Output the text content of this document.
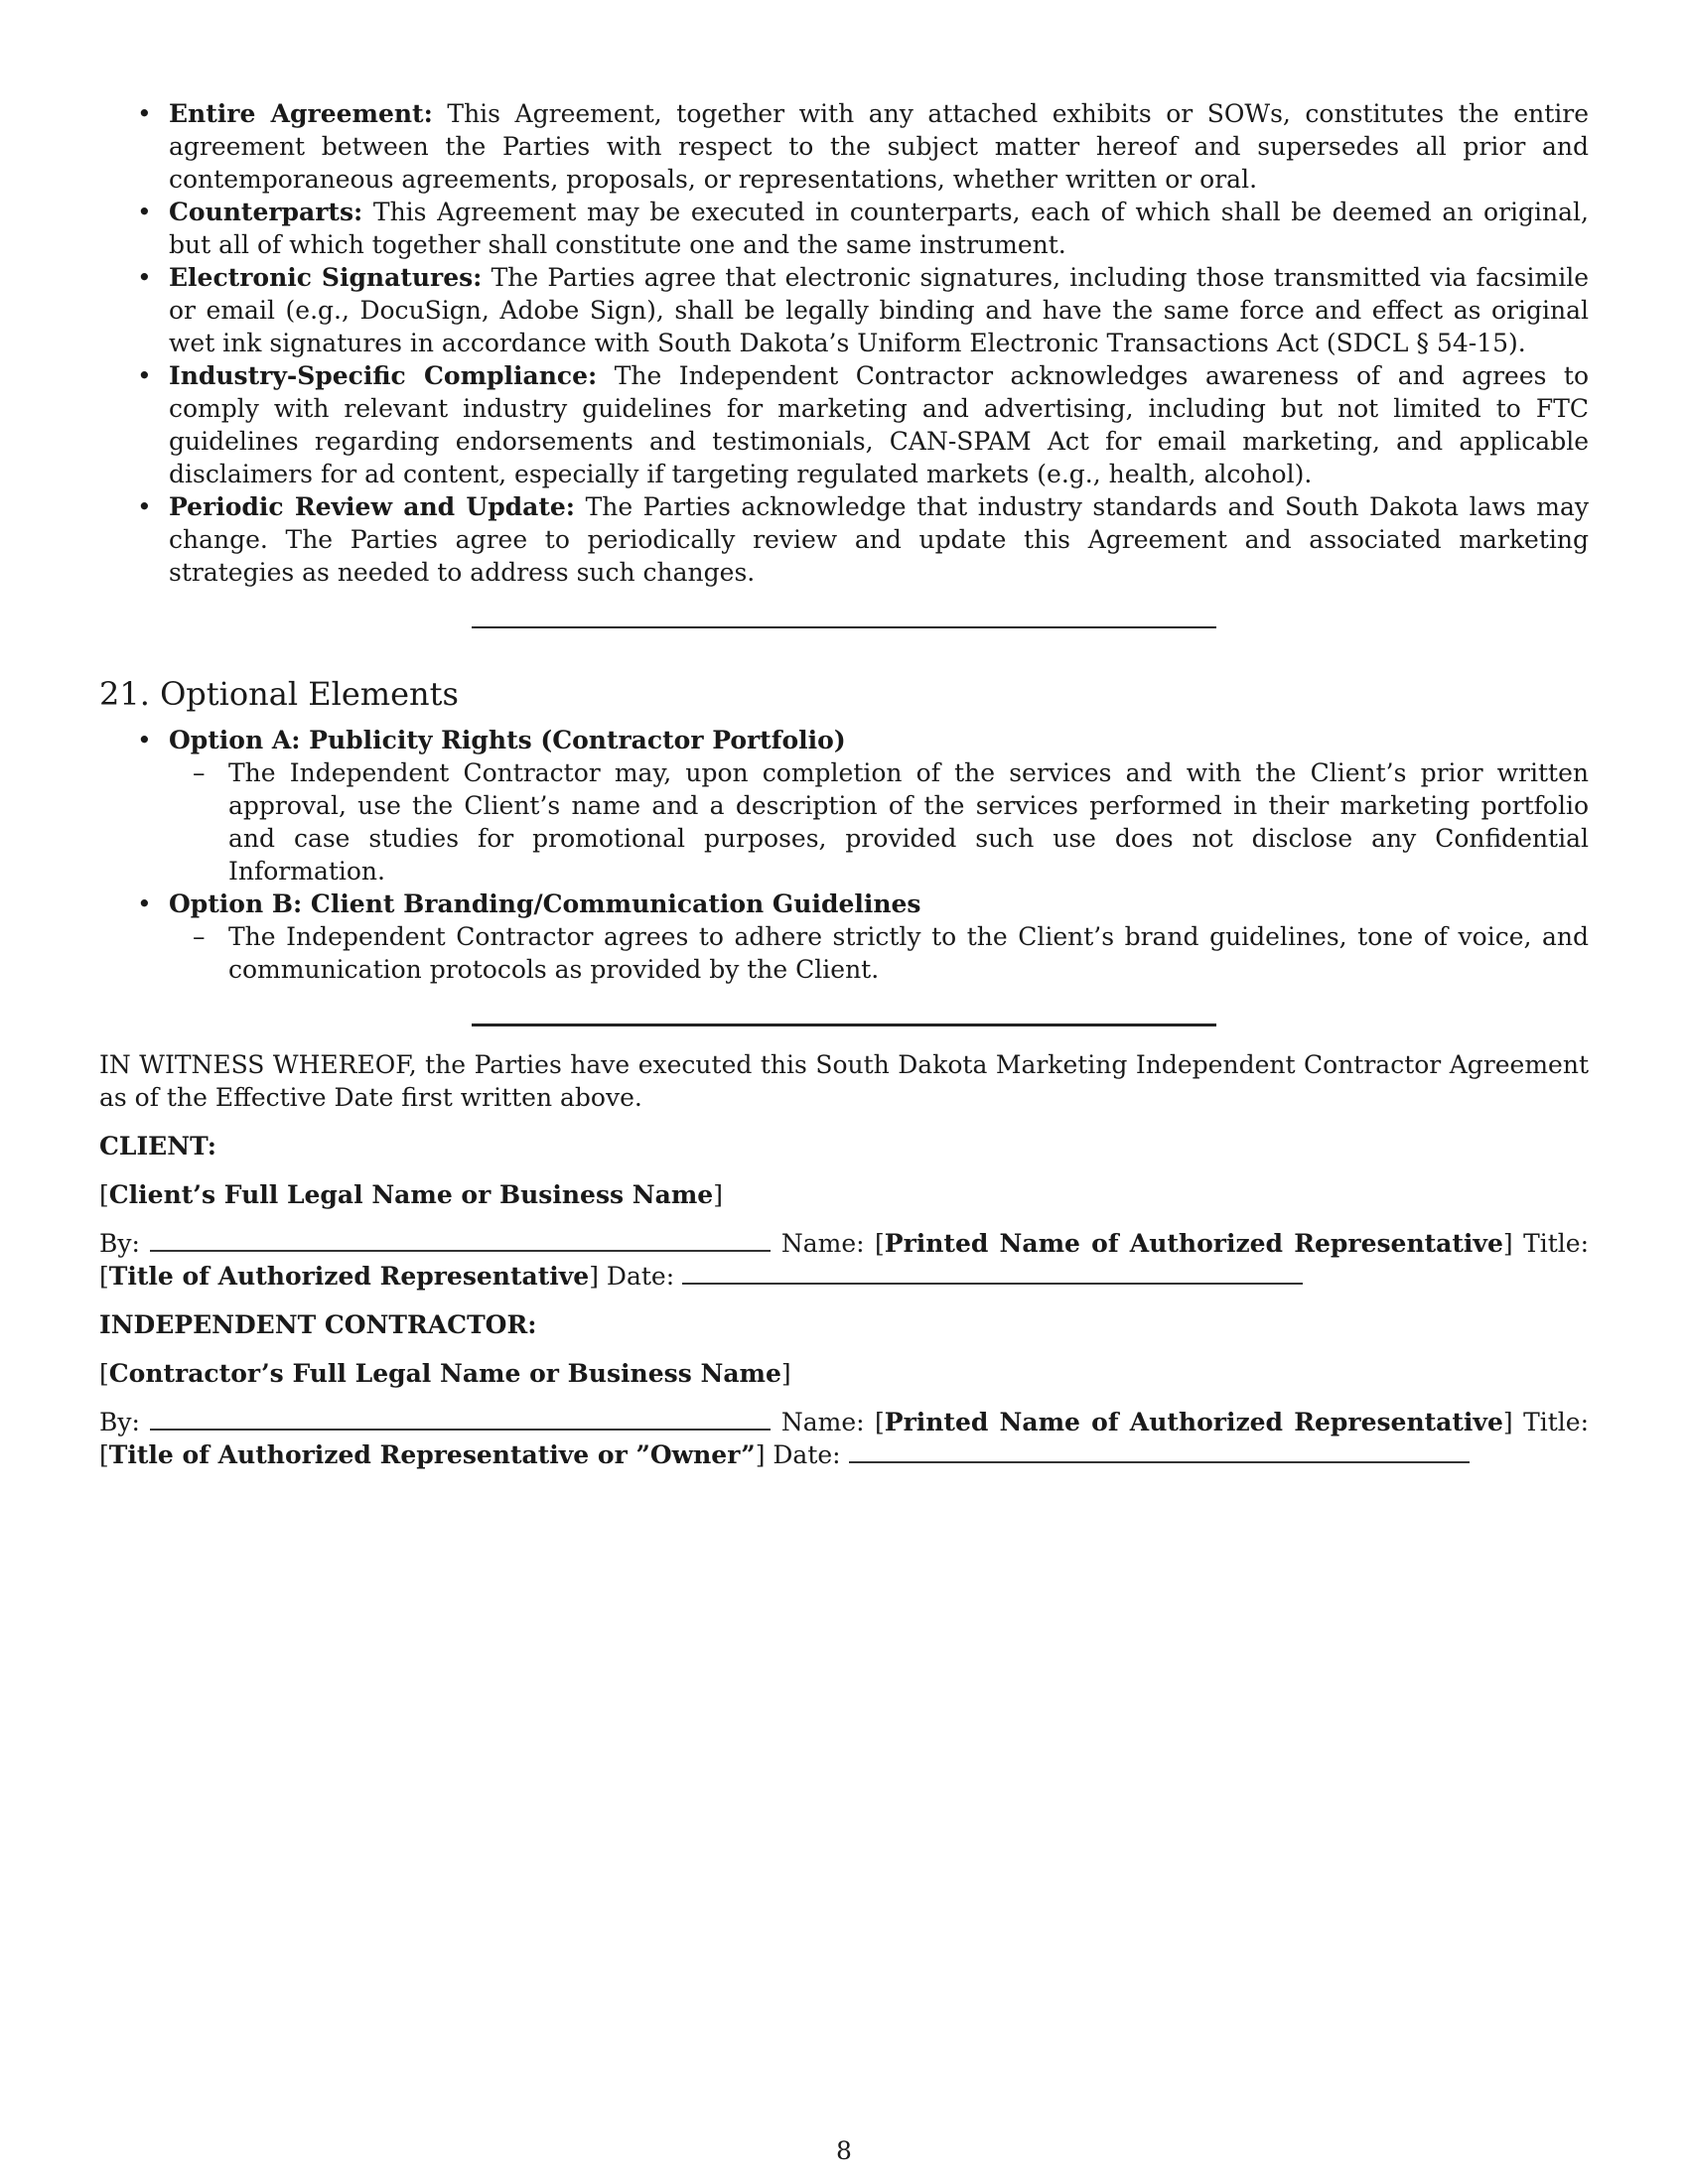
• Entire Agreement: This Agreement, together with any attached exhibits or SOWs, constitutes the entire agreement between the Parties with respect to the subject matter hereof and supersedes all prior and contemporaneous agreements, proposals, or representations, whether written or oral.
• Counterparts: This Agreement may be executed in counterparts, each of which shall be deemed an original, but all of which together shall constitute one and the same instrument.
• Electronic Signatures: The Parties agree that electronic signatures, including those transmitted via facsimile or email (e.g., DocuSign, Adobe Sign), shall be legally binding and have the same force and effect as original wet ink signatures in accordance with South Dakota’s Uniform Electronic Transactions Act (SDCL § 54-15).
• Industry-Specific Compliance: The Independent Contractor acknowledges awareness of and agrees to comply with relevant industry guidelines for marketing and advertising, including but not limited to FTC guidelines regarding endorsements and testimonials, CAN-SPAM Act for email marketing, and applicable disclaimers for ad content, especially if targeting regulated markets (e.g., health, alcohol).
• Periodic Review and Update: The Parties acknowledge that industry standards and South Dakota laws may change. The Parties agree to periodically review and update this Agreement and associated marketing strategies as needed to address such changes.
21. Optional Elements
• Option A: Publicity Rights (Contractor Portfolio)
– The Independent Contractor may, upon completion of the services and with the Client’s prior written approval, use the Client’s name and a description of the services performed in their marketing portfolio and case studies for promotional purposes, provided such use does not disclose any Confidential Information.
• Option B: Client Branding/Communication Guidelines
– The Independent Contractor agrees to adhere strictly to the Client’s brand guidelines, tone of voice, and communication protocols as provided by the Client.
IN WITNESS WHEREOF, the Parties have executed this South Dakota Marketing Independent Contractor Agreement as of the Effective Date first written above.
CLIENT:
[Client’s Full Legal Name or Business Name]
By:	Name: [Printed Name of Authorized Representative] Title: [Title of Authorized Representative] Date:
INDEPENDENT CONTRACTOR:
[Contractor’s Full Legal Name or Business Name]
By:	Name: [Printed Name of Authorized Representative] Title: [Title of Authorized Representative or ”Owner”] Date:
8
